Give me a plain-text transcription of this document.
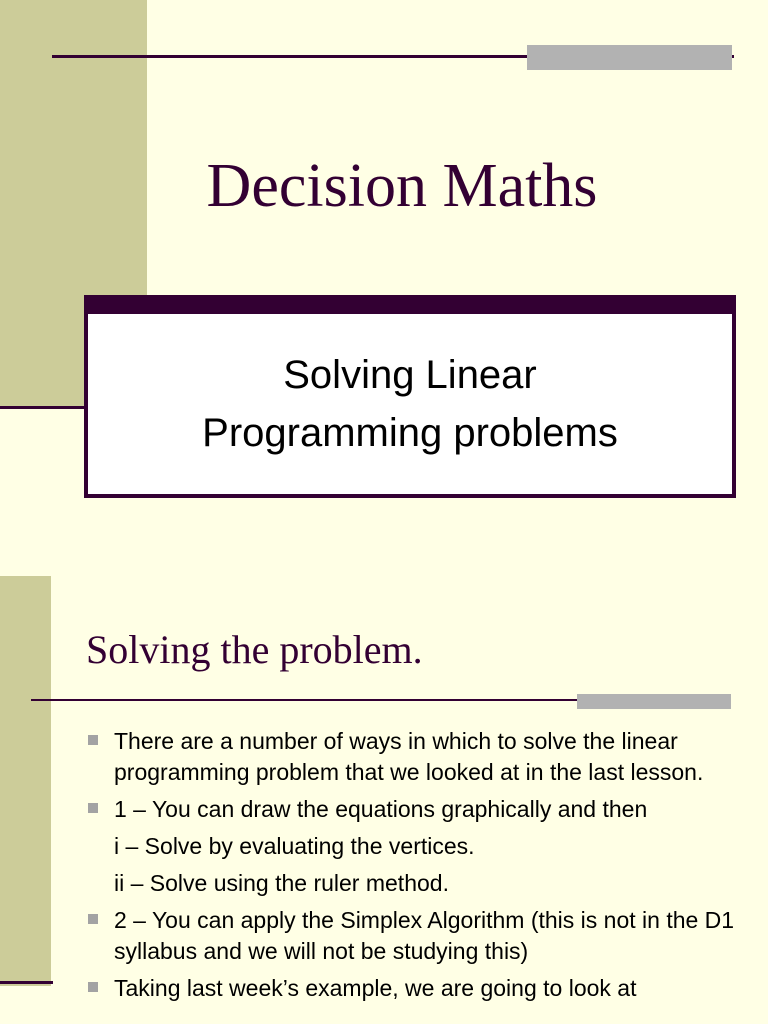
Decision Maths
Solving Linear
Programming problems
Solving the problem.
There are a number of ways in which to solve the linear programming problem that we looked at in the last lesson.
1 – You can draw the equations graphically and then
i – Solve by evaluating the vertices.
ii – Solve using the ruler method.
2 – You can apply the Simplex Algorithm (this is not in the D1 syllabus and we will not be studying this)
Taking last week’s example, we are going to look at
